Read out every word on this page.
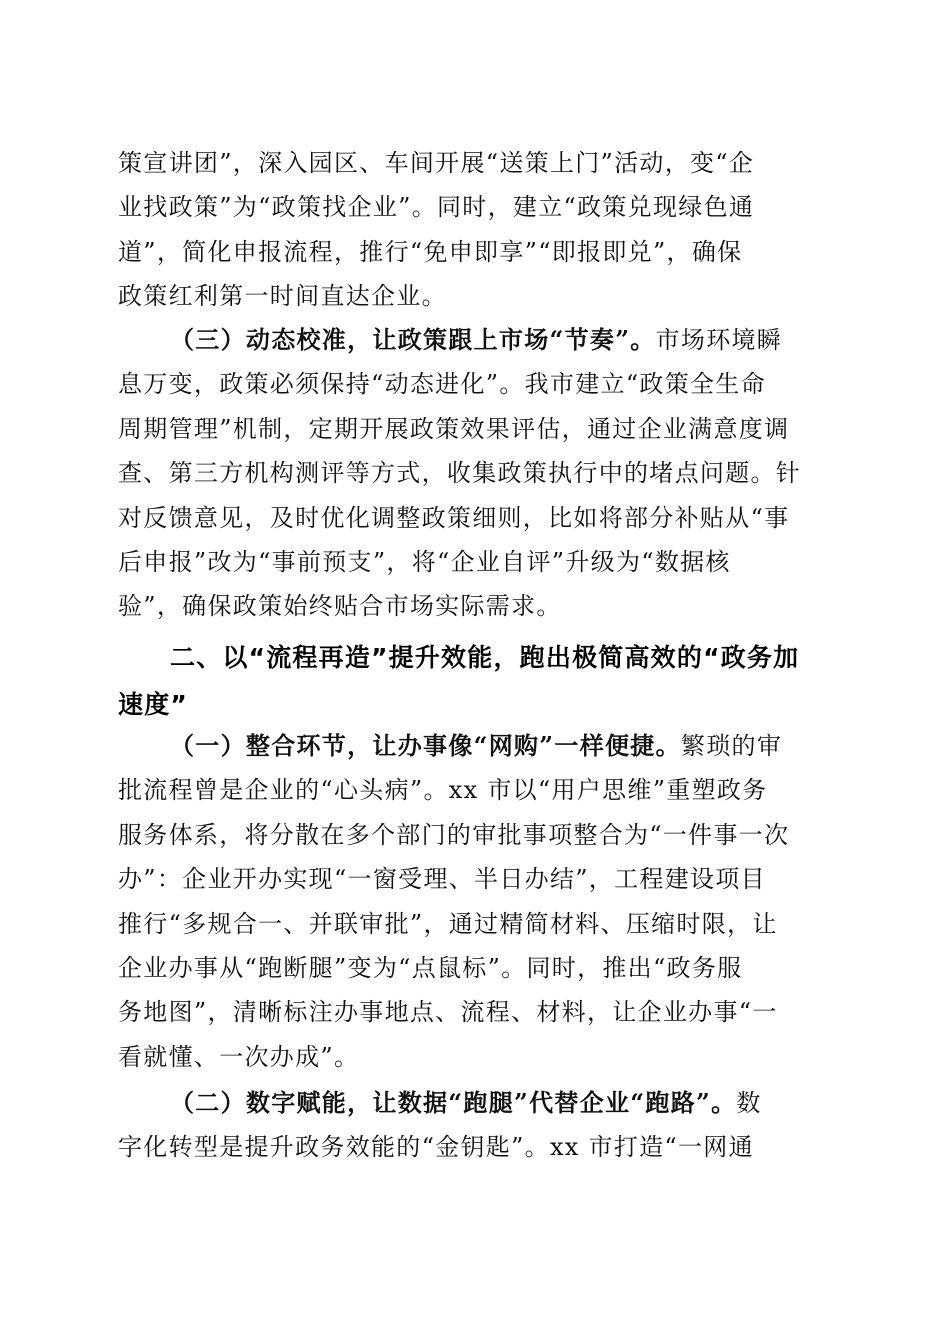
策宣讲团”，深入园区、车间开展“送策上门”活动，变“企
业找政策”为“政策找企业”。同时，建立“政策兑现绿色通
道”，简化申报流程，推行“免申即享”“即报即兑”，确保
政策红利第一时间直达企业。
（三）动态校准，让政策跟上市场“节奏”。市场环境瞬
息万变，政策必须保持“动态进化”。我市建立“政策全生命
周期管理”机制，定期开展政策效果评估，通过企业满意度调
查、第三方机构测评等方式，收集政策执行中的堵点问题。针
对反馈意见，及时优化调整政策细则，比如将部分补贴从“事
后申报”改为“事前预支”，将“企业自评”升级为“数据核
验”，确保政策始终贴合市场实际需求。
二、以“流程再造”提升效能，跑出极简高效的“政务加
速度”
（一）整合环节，让办事像“网购”一样便捷。繁琐的审
批流程曾是企业的“心头病”。xx 市以“用户思维”重塑政务
服务体系，将分散在多个部门的审批事项整合为“一件事一次
办”：企业开办实现“一窗受理、半日办结”，工程建设项目
推行“多规合一、并联审批”，通过精简材料、压缩时限，让
企业办事从“跑断腿”变为“点鼠标”。同时，推出“政务服
务地图”，清晰标注办事地点、流程、材料，让企业办事“一
看就懂、一次办成”。
（二）数字赋能，让数据“跑腿”代替企业“跑路”。数
字化转型是提升政务效能的“金钥匙”。xx 市打造“一网通
